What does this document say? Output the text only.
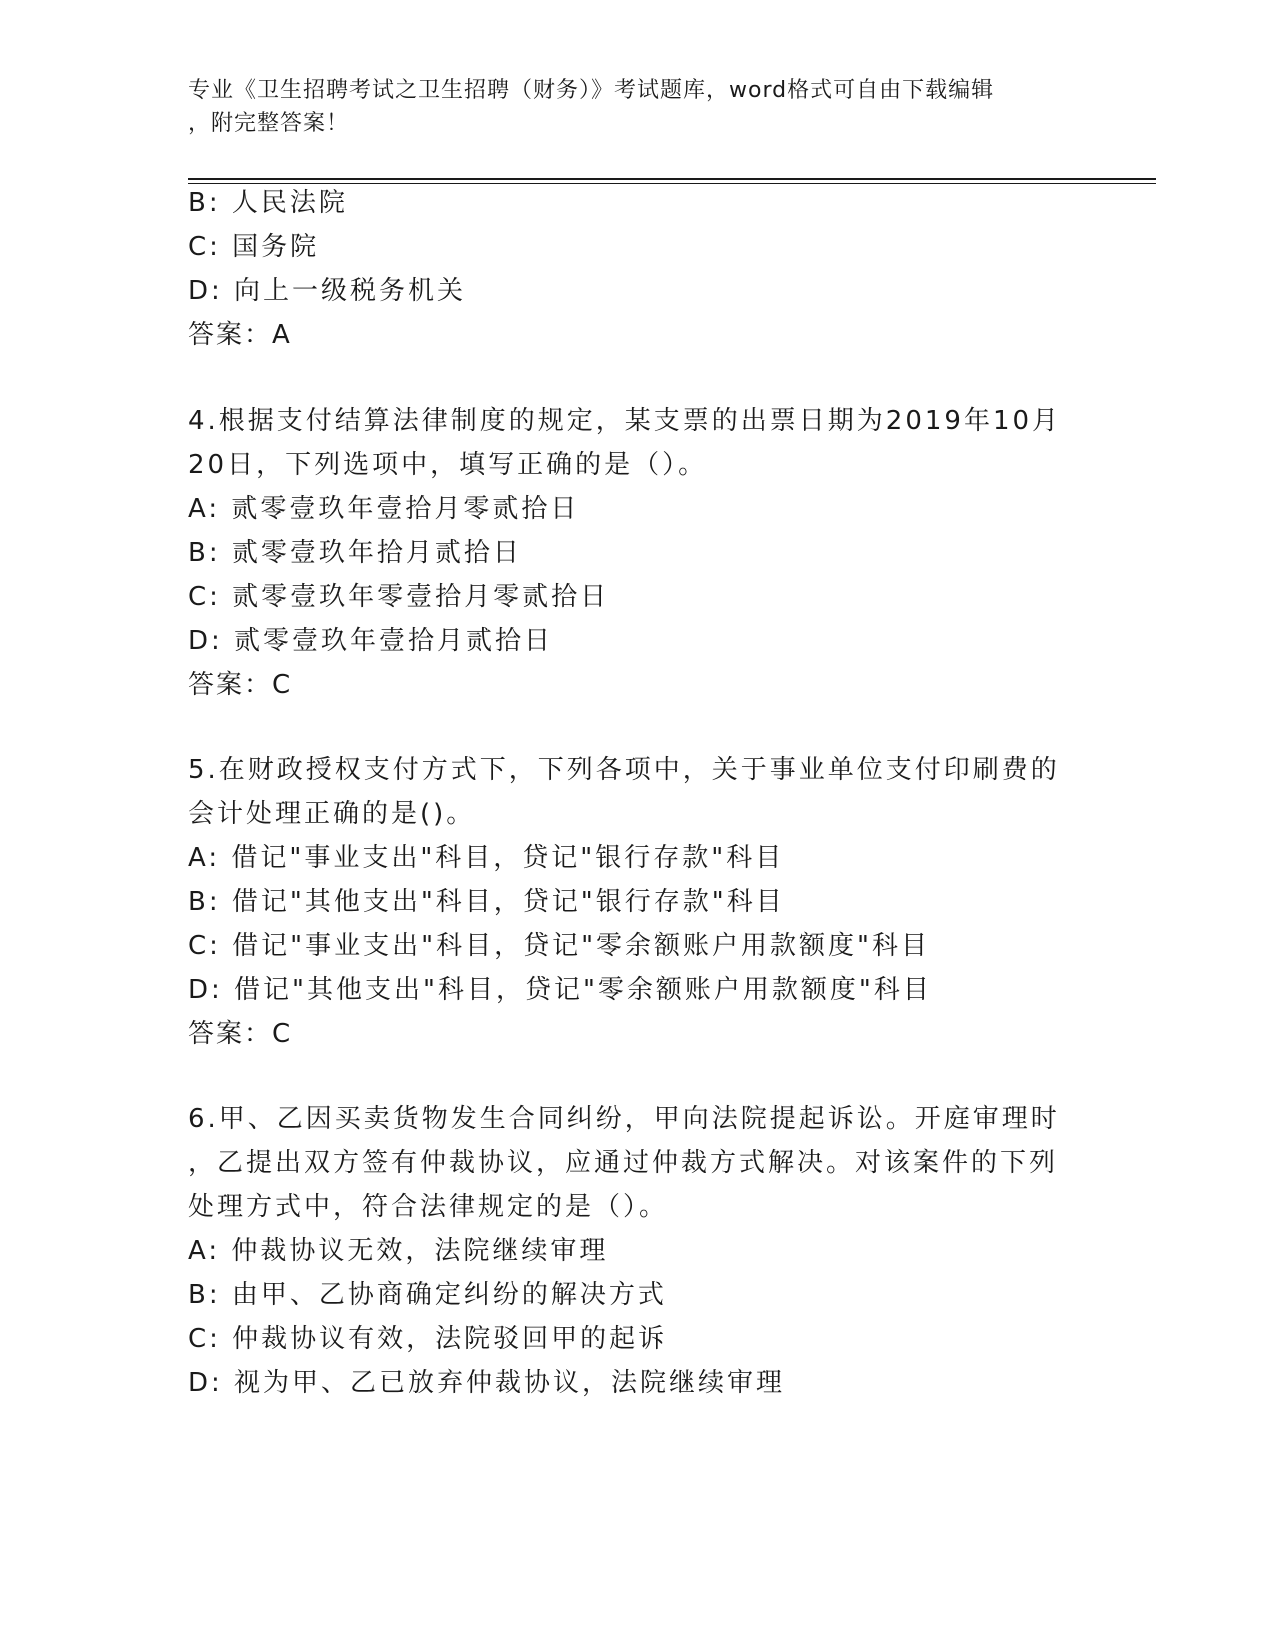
专业《卫生招聘考试之卫生招聘（财务）》考试题库，word格式可自由下载编辑
，附完整答案！
B: 人民法院
C: 国务院
D: 向上一级税务机关
答案：A
4.根据支付结算法律制度的规定，某支票的出票日期为2019年10月
20日，下列选项中，填写正确的是（）。
A: 贰零壹玖年壹拾月零贰拾日
B: 贰零壹玖年拾月贰拾日
C: 贰零壹玖年零壹拾月零贰拾日
D: 贰零壹玖年壹拾月贰拾日
答案：C
5.在财政授权支付方式下，下列各项中，关于事业单位支付印刷费的
会计处理正确的是()。
A: 借记"事业支出"科目，贷记"银行存款"科目
B: 借记"其他支出"科目，贷记"银行存款"科目
C: 借记"事业支出"科目，贷记"零余额账户用款额度"科目
D: 借记"其他支出"科目，贷记"零余额账户用款额度"科目
答案：C
6.甲、乙因买卖货物发生合同纠纷，甲向法院提起诉讼。开庭审理时
，乙提出双方签有仲裁协议，应通过仲裁方式解决。对该案件的下列
处理方式中，符合法律规定的是（）。
A: 仲裁协议无效，法院继续审理
B: 由甲、乙协商确定纠纷的解决方式
C: 仲裁协议有效，法院驳回甲的起诉
D: 视为甲、乙已放弃仲裁协议，法院继续审理
